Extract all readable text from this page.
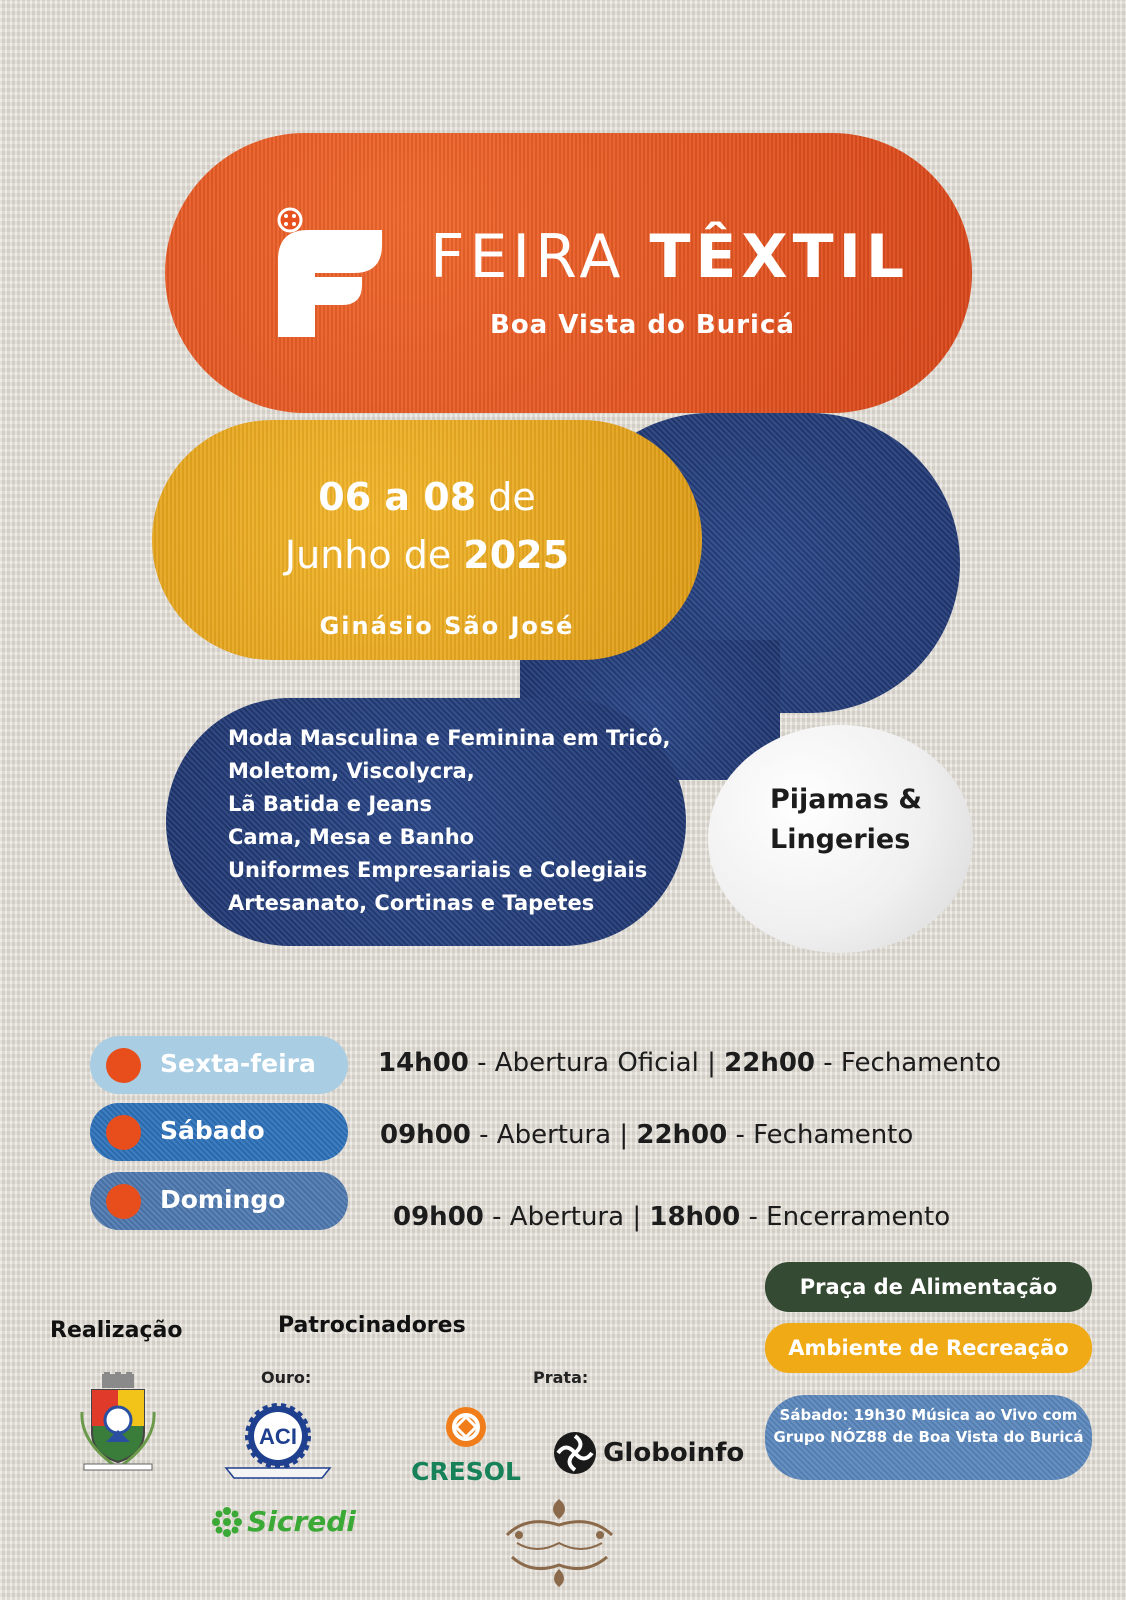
FEIRA TÊXTIL
Boa Vista do Buricá
06 a 08 de
Junho de 2025
Ginásio São José
Moda Masculina e Feminina em Tricô,
Moletom, Viscolycra,
Lã Batida e Jeans
Cama, Mesa e Banho
Uniformes Empresariais e Colegiais
Artesanato, Cortinas e Tapetes
Pijamas &
Lingeries
Sexta-feira
Sábado
Domingo
14h00 - Abertura Oficial | 22h00 - Fechamento
09h00 - Abertura | 22h00 - Fechamento
09h00 - Abertura | 18h00 - Encerramento
Praça de Alimentação
Ambiente de Recreação
Sábado: 19h30 Música ao Vivo com Grupo NÓZ88 de Boa Vista do Buricá
Realização	Patrocinadores
Ouro:	Prata:
ACI
Sicredi
CRESOL
Globoinfo
